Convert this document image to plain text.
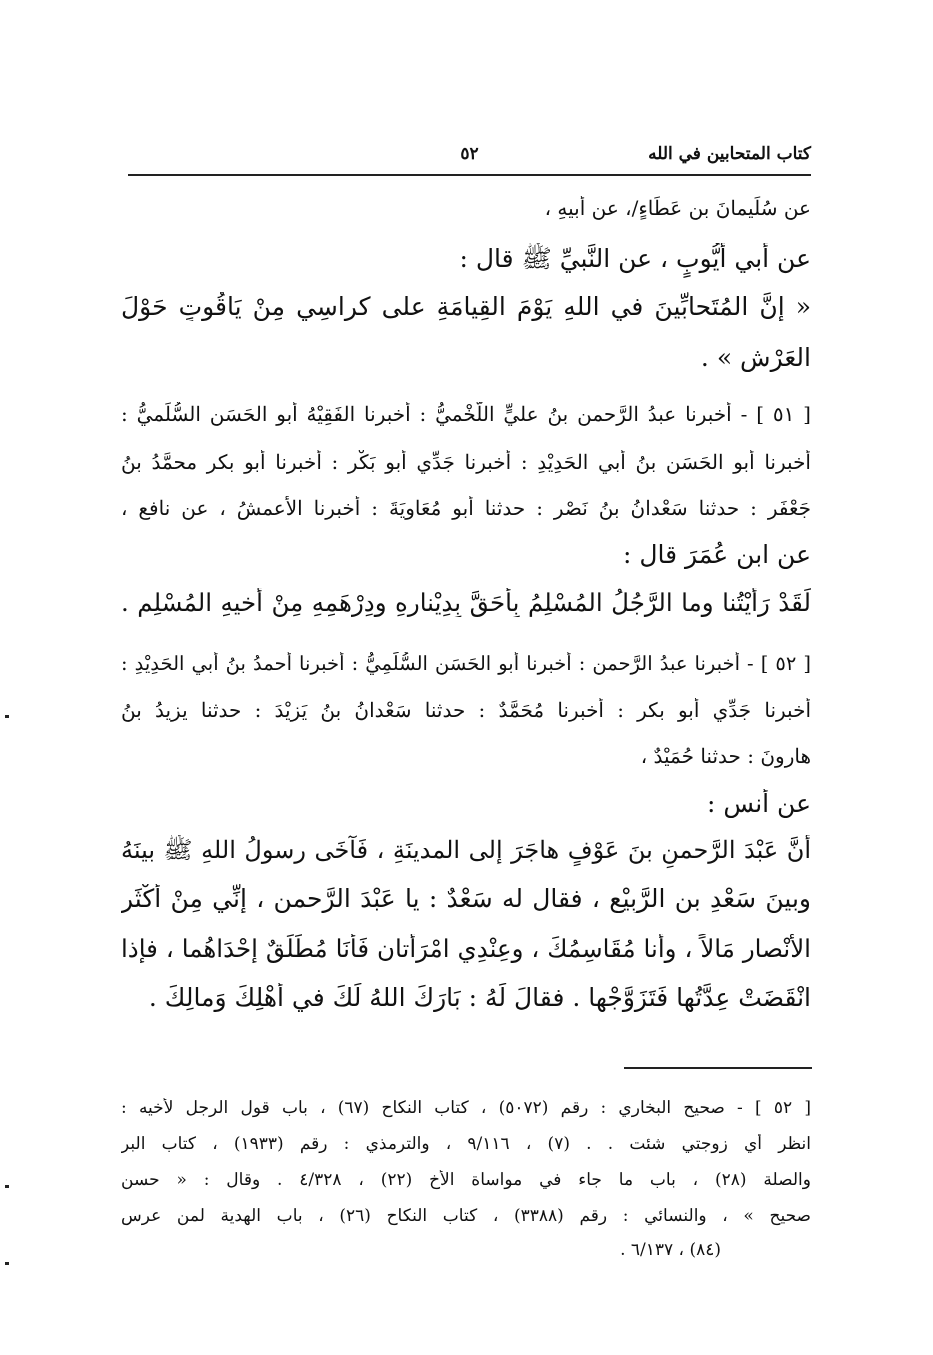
كتاب المتحابين في الله
٥٢
عن سُلَيمانَ بنِ عَطَاءٍ/، عن أبيهِ ،
عن أبي أيُّوبٍ ، عن النَّبيِّ ﷺ قال :
« إنَّ المُتَحابِّينَ في اللهِ يَوْمَ القِيامَةِ على كراسِي مِنْ يَاقُوتٍ حَوْلَ
العَرْشِ » .
[ ٥١ ] - أخبرنا عبدُ الرَّحمن بنُ عليٍّ اللَّخْميُّ : أخبرنا الفَقِيْهُ أبو الحَسَنِ السُّلَميُّ :
أخبرنا أبو الحَسَنِ بنُ أبي الحَدِيْدِ : أخبرنا جَدِّي أبو بَكْرٍ : أخبرنا أبو بكرٍ محمَّدُ بنُ
جَعْفَرٍ : حدثنا سَعْدانُ بنُ نَصْرٍ : حدثنا أبو مُعَاوِيَةَ : أخبرنا الأعمشُ ، عن نافعٍ ،
عن ابنِ عُمَرَ قال :
لَقَدْ رَأَيْتُنا وما الرَّجُلُ المُسْلِمُ بِأَحَقَّ بِدِيْنارِهِ ودِرْهَمِهِ مِنْ أخيهِ المُسْلِمِ .
[ ٥٢ ] - أخبرنا عبدُ الرَّحمن : أخبرنا أبو الحَسَنِ السُّلَمِيُّ : أخبرنا أحمدُ بنُ أبي الحَدِيْدِ :
أخبرنا جَدِّي أبو بكرٍ : أخبرنا مُحَمَّدٌ : حدثنا سَعْدانُ بنُ يَزِيْدَ : حدثنا يزيدُ بنُ
هارونَ : حدثنا حُمَيْدٌ ،
عن أنسٍ :
أنَّ عَبْدَ الرَّحمنِ بنَ عَوْفٍ هاجَرَ إلى المدينَةِ ، فَآخَى رسولُ اللهِ ﷺ بينَهُ
وبينَ سَعْدِ بنِ الرَّبِيْعِ ، فقال له سَعْدٌ : يا عَبْدَ الرَّحمنِ ، إنِّي مِنْ أكْثَرِ
الأنْصارِ مَالاً ، وأنا مُقَاسِمُكَ ، وعِنْدِي امْرَأَتانِ فَأنَا مُطَلِّقٌ إحْدَاهُما ، فإذا
انْقَضَتْ عِدَّتُها فَتَزَوَّجْها . فقالَ لَهُ : بَارَكَ اللهُ لَكَ في أهْلِكَ وَمالِكَ .
[ ٥٢ ] - صحيح البخاري : رقم (٥٠٧٢) ، كتاب النكاح (٦٧) ، باب قول الرجل لأخيه :
انظر أي زوجتي شئت . . (٧) ، ٩/١١٦ ، والترمذي : رقم (١٩٣٣) ، كتاب البر
والصلة (٢٨) ، باب ما جاء في مواساة الأخ (٢٢) ، ٤/٣٢٨ . وقال : « حسن
صحيح » ، والنسائي : رقم (٣٣٨٨) ، كتاب النكاح (٢٦) ، باب الهدية لمن عرس
(٨٤) ، ٦/١٣٧ .
